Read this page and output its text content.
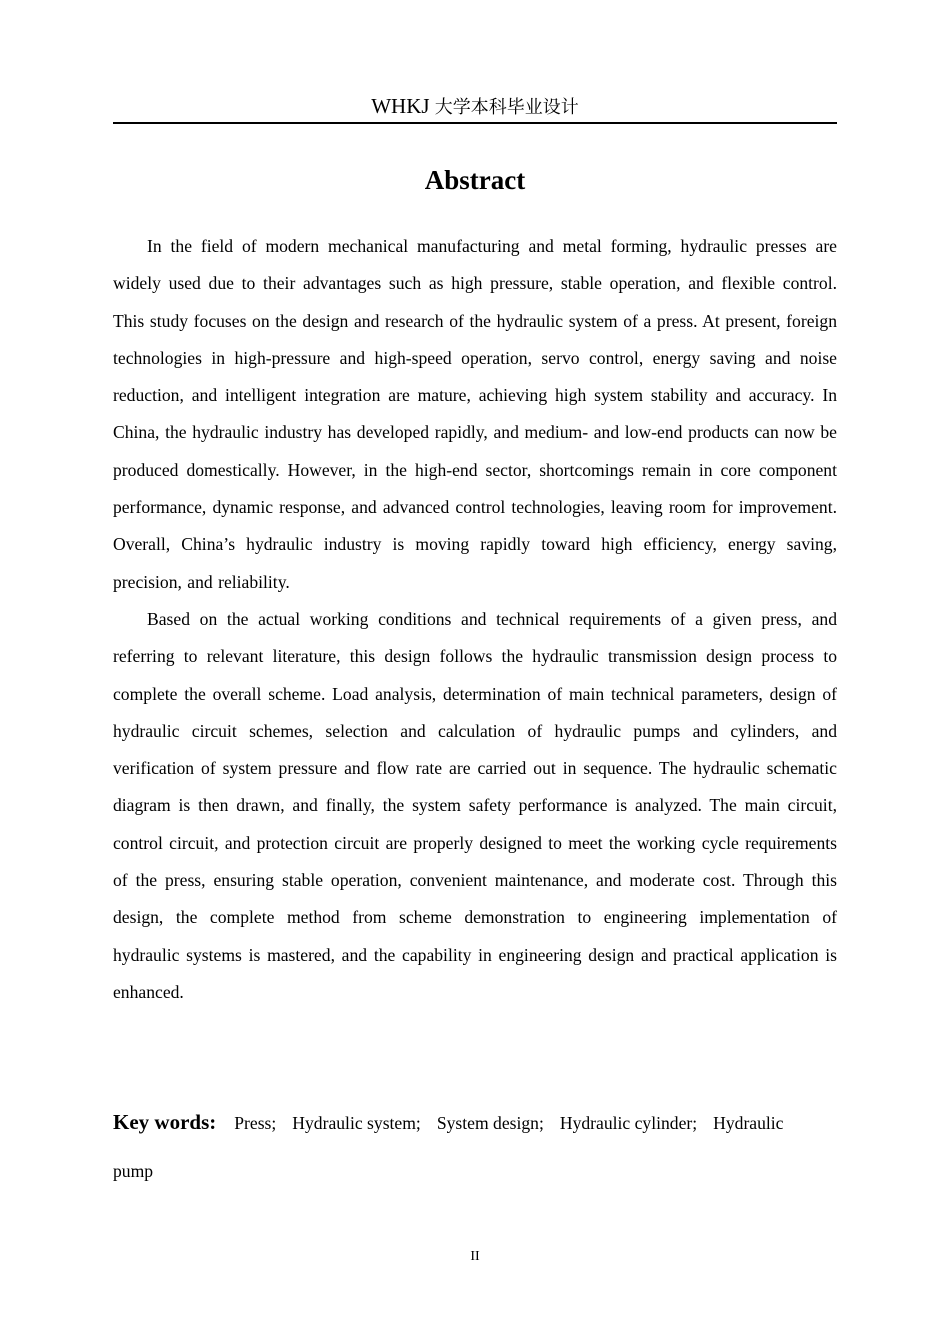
WHKJ 大学本科毕业设计
Abstract

In the field of modern mechanical manufacturing and metal forming, hydraulic presses are widely used due to their advantages such as high pressure, stable operation, and flexible control. This study focuses on the design and research of the hydraulic system of a press. At present, foreign technologies in high-pressure and high-speed operation, servo control, energy saving and noise reduction, and intelligent integration are mature, achieving high system stability and accuracy. In China, the hydraulic industry has developed rapidly, and medium- and low-end products can now be produced domestically. However, in the high-end sector, shortcomings remain in core component performance, dynamic response, and advanced control technologies, leaving room for improvement. Overall, China’s hydraulic industry is moving rapidly toward high efficiency, energy saving, precision, and reliability.

Based on the actual working conditions and technical requirements of a given press, and referring to relevant literature, this design follows the hydraulic transmission design process to complete the overall scheme. Load analysis, determination of main technical parameters, design of hydraulic circuit schemes, selection and calculation of hydraulic pumps and cylinders, and verification of system pressure and flow rate are carried out in sequence. The hydraulic schematic diagram is then drawn, and finally, the system safety performance is analyzed. The main circuit, control circuit, and protection circuit are properly designed to meet the working cycle requirements of the press, ensuring stable operation, convenient maintenance, and moderate cost. Through this design, the complete method from scheme demonstration to engineering implementation of hydraulic systems is mastered, and the capability in engineering design and practical application is enhanced.

Key words: Press; Hydraulic system; System design; Hydraulic cylinder; Hydraulic pump
II
